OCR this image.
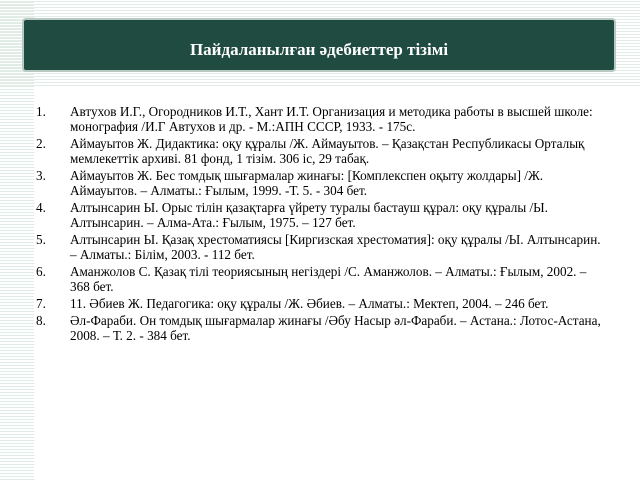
Пайдаланылған әдебиеттер тізімі
1.	Автухов И.Г., Огородников И.Т., Хант И.Т. Организация и методика работы в высшей школе: монография /И.Г Автухов и др. - М.:АПН СССР, 1933. - 175с.
2.	Аймауытов Ж. Дидактика: оқу құралы /Ж. Аймауытов. – Қазақстан Республикасы Орталық мемлекеттік архиві. 81 фонд, 1 тізім. 306 іс, 29 табақ.
3.	Аймауытов Ж. Бес томдық шығармалар жинағы: [Комплекспен оқыту жолдары] /Ж. Аймауытов. – Алматы.: Ғылым, 1999. -Т. 5. - 304 бет.
4.	Алтынсарин Ы. Орыс тілін қазақтарға үйрету туралы бастауш құрал: оқу құралы /Ы. Алтынсарин. – Алма-Ата.: Ғылым, 1975. – 127 бет.
5.	Алтынсарин Ы. Қазақ хрестоматиясы [Киргизская хрестоматия]: оқу құралы /Ы. Алтынсарин. – Алматы.: Білім, 2003. - 112 бет.
6.	Аманжолов С. Қазақ тілі теориясының негіздері /С. Аманжолов. – Алматы.: Ғылым, 2002. – 368 бет.
7.	11. Әбиев Ж. Педагогика: оқу құралы /Ж. Әбиев. – Алматы.: Мектеп, 2004. – 246 бет.
8.	Әл-Фараби. Он томдық шығармалар жинағы /Әбу Насыр әл-Фараби. – Астана.: Лотос-Астана, 2008. – Т. 2. - 384 бет.
